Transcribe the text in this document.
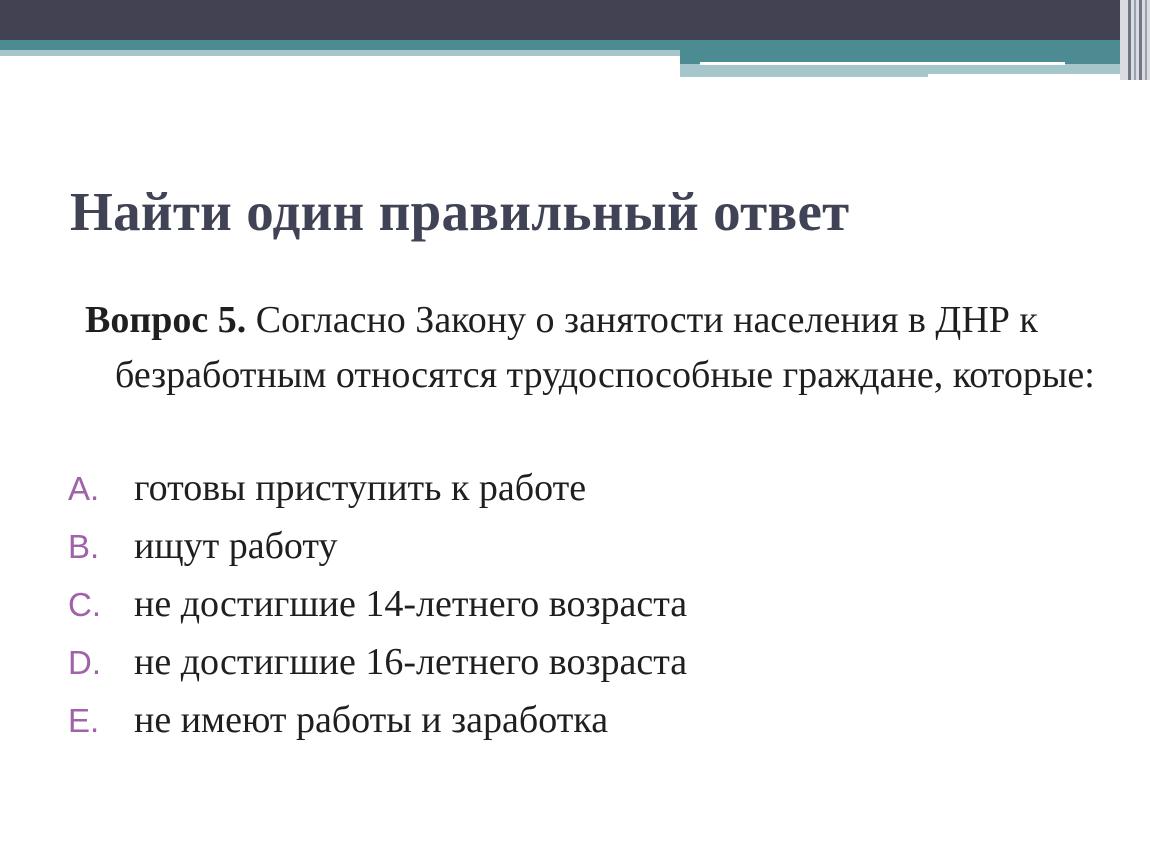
Найти один правильный ответ

Вопрос 5. Согласно Закону о занятости населения в ДНР к безработным относятся трудоспособные граждане, которые:

A. готовы приступить к работе
B. ищут работу
C. не достигшие 14-летнего возраста
D. не достигшие 16-летнего возраста
E. не имеют работы и заработка
